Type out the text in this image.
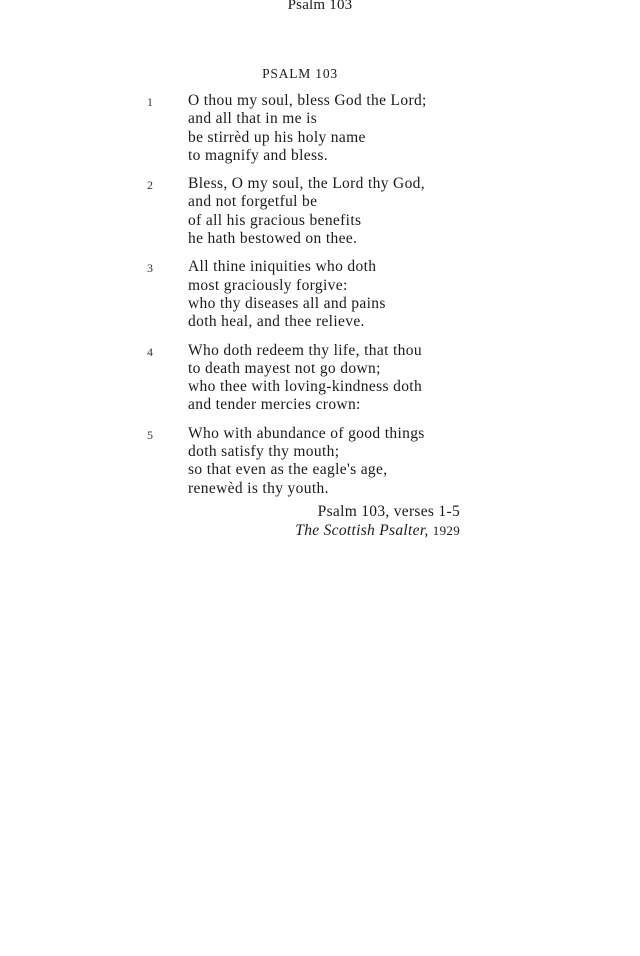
Psalm 103
PSALM 103
1 O thou my soul, bless God the Lord;
and all that in me is
be stirrèd up his holy name
to magnify and bless.
2 Bless, O my soul, the Lord thy God,
and not forgetful be
of all his gracious benefits
he hath bestowed on thee.
3 All thine iniquities who doth
most graciously forgive:
who thy diseases all and pains
doth heal, and thee relieve.
4 Who doth redeem thy life, that thou
to death mayest not go down;
who thee with loving-kindness doth
and tender mercies crown:
5 Who with abundance of good things
doth satisfy thy mouth;
so that even as the eagle's age,
renewèd is thy youth.
Psalm 103, verses 1-5
The Scottish Psalter, 1929
